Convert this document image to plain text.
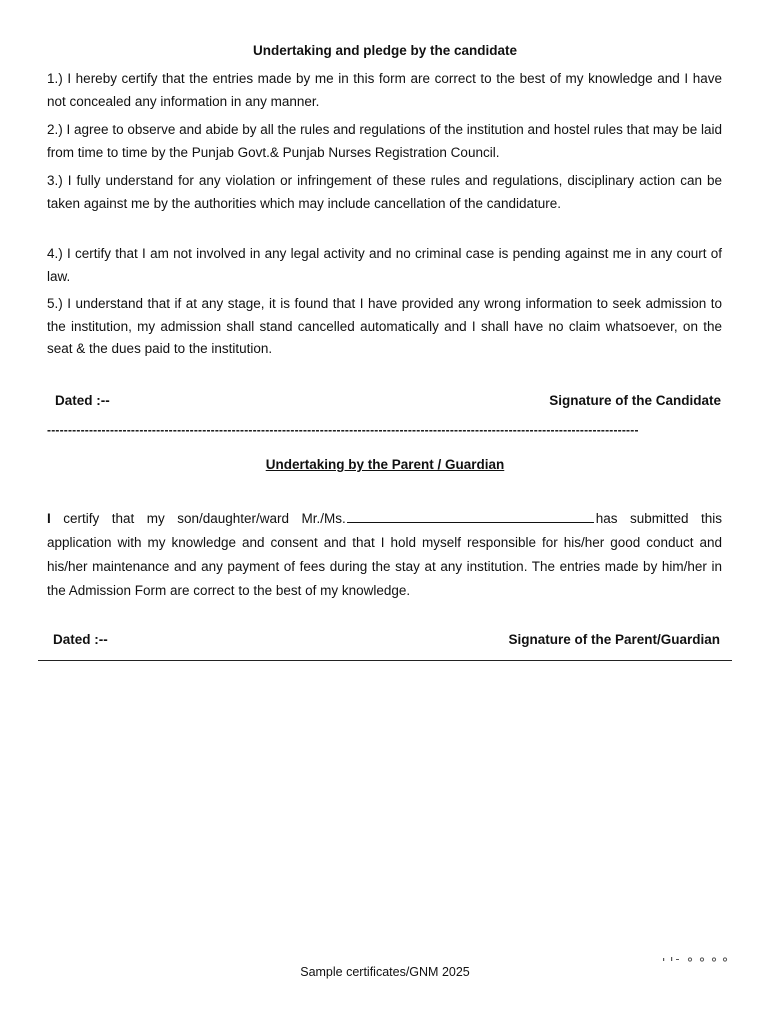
Undertaking and pledge by the candidate
1.) I hereby certify that the entries made by me in this form are correct to the best of my knowledge and I have not concealed any information in any manner.
2.) I agree to observe and abide by all the rules and regulations of the institution and hostel rules that may be laid from time to time by the Punjab Govt.& Punjab Nurses Registration Council.
3.) I fully understand for any violation or infringement of these rules and regulations, disciplinary action can be taken against me by the authorities which may include cancellation of the candidature.
4.) I certify that I am not involved in any legal activity and no criminal case is pending against me in any court of law.
5.) I understand that if at any stage, it is found that I have provided any wrong information to seek admission to the institution, my admission shall stand cancelled automatically and I shall have no claim whatsoever, on the seat & the dues paid to the institution.
Dated :--	Signature of the Candidate
---------------------------------------------------------------------------------------------------------------------------------------------
Undertaking by the Parent / Guardian
I certify that my son/daughter/ward Mr./Ms.	has submitted this application with my knowledge and consent and that I hold myself responsible for his/her good conduct and his/her maintenance and any payment of fees during the stay at any institution. The entries made by him/her in the Admission Form are correct to the best of my knowledge.
Dated :--	Signature of the Parent/Guardian
Sample certificates/GNM 2025
